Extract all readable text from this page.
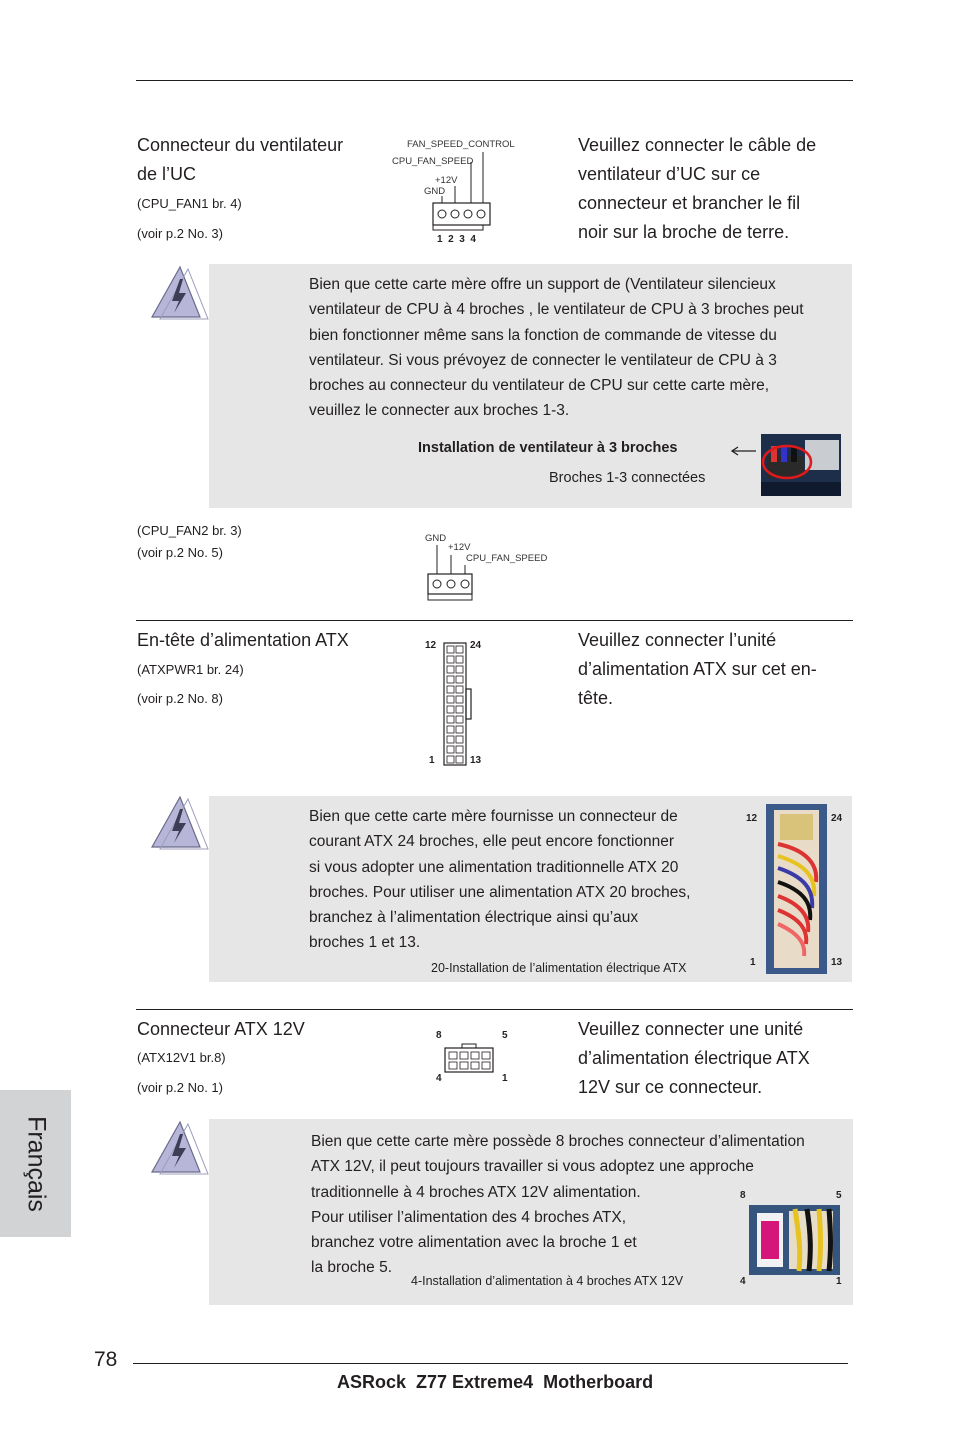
Connecteur du ventilateur
de l’UC
(CPU_FAN1 br. 4)
(voir p.2 No. 3)
FAN_SPEED_CONTROL
CPU_FAN_SPEED
+12V
GND
1  2  3  4
Veuillez connecter le câble de
ventilateur d’UC sur ce
connecteur et brancher le fil
noir sur la broche de terre.
Bien que cette carte mère offre un support de (Ventilateur silencieux
ventilateur de CPU à 4 broches , le ventilateur de CPU à 3 broches peut
bien fonctionner même sans la fonction de commande de vitesse du
ventilateur. Si vous prévoyez de connecter le ventilateur de CPU à 3
broches au connecteur du ventilateur de CPU sur cette carte mère,
veuillez le connecter aux broches 1-3.
Installation de ventilateur à 3 broches
Broches 1-3 connectées
(CPU_FAN2 br. 3)
(voir p.2 No. 5)
GND
+12V
CPU_FAN_SPEED
En-tête d’alimentation ATX
(ATXPWR1 br. 24)
(voir p.2 No. 8)
12	24
1	13
Veuillez connecter l’unité
d’alimentation ATX sur cet en-
tête.
Bien que cette carte mère fournisse un connecteur de
courant ATX 24 broches, elle peut encore fonctionner
si vous adopter une alimentation traditionnelle ATX 20
broches. Pour utiliser une alimentation ATX 20 broches,
branchez à l’alimentation électrique ainsi qu’aux
broches 1 et 13.
20-Installation de l’alimentation électrique ATX
12	24
1	13
Connecteur ATX 12V
(ATX12V1 br.8)
(voir p.2 No. 1)
8	5
4	1
Veuillez connecter une unité
d’alimentation électrique ATX
12V sur ce connecteur.
Bien que cette carte mère possède 8 broches connecteur d’alimentation
ATX 12V, il peut toujours travailler si vous adoptez une approche
traditionnelle à 4 broches ATX 12V alimentation.
Pour utiliser l’alimentation des 4 broches ATX,
branchez votre alimentation avec la broche 1 et
la broche 5.
4-Installation d’alimentation à 4 broches ATX 12V
8	5
4	1
Français
78
ASRock  Z77 Extreme4  Motherboard
